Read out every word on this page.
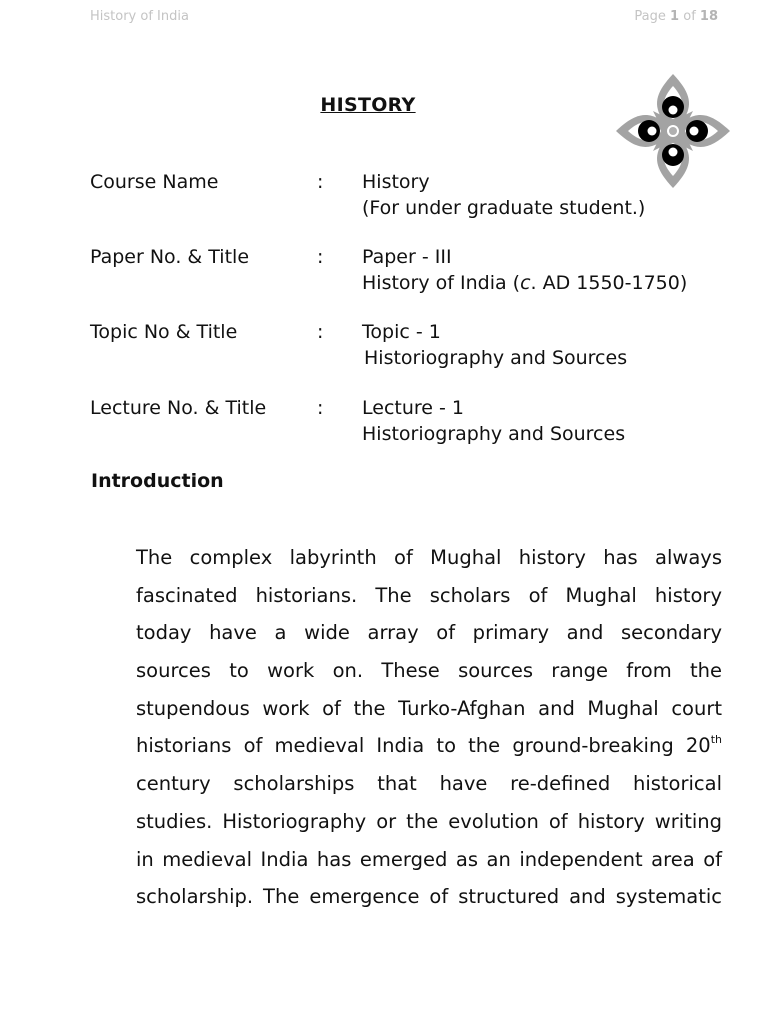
History of India	Page 1 of 18
HISTORY
Course Name	: History
(For under graduate student.)
Paper No. & Title	: Paper - III
History of India (c. AD 1550-1750)
Topic No & Title	: Topic - 1
Historiography and Sources
Lecture No. & Title	: Lecture - 1
Historiography and Sources
Introduction
The complex labyrinth of Mughal history has always
fascinated historians. The scholars of Mughal history
today have a wide array of primary and secondary
sources to work on. These sources range from the
stupendous work of the Turko-Afghan and Mughal court
historians of medieval India to the ground-breaking 20th
century scholarships that have re-defined historical
studies. Historiography or the evolution of history writing
in medieval India has emerged as an independent area of
scholarship. The emergence of structured and systematic
